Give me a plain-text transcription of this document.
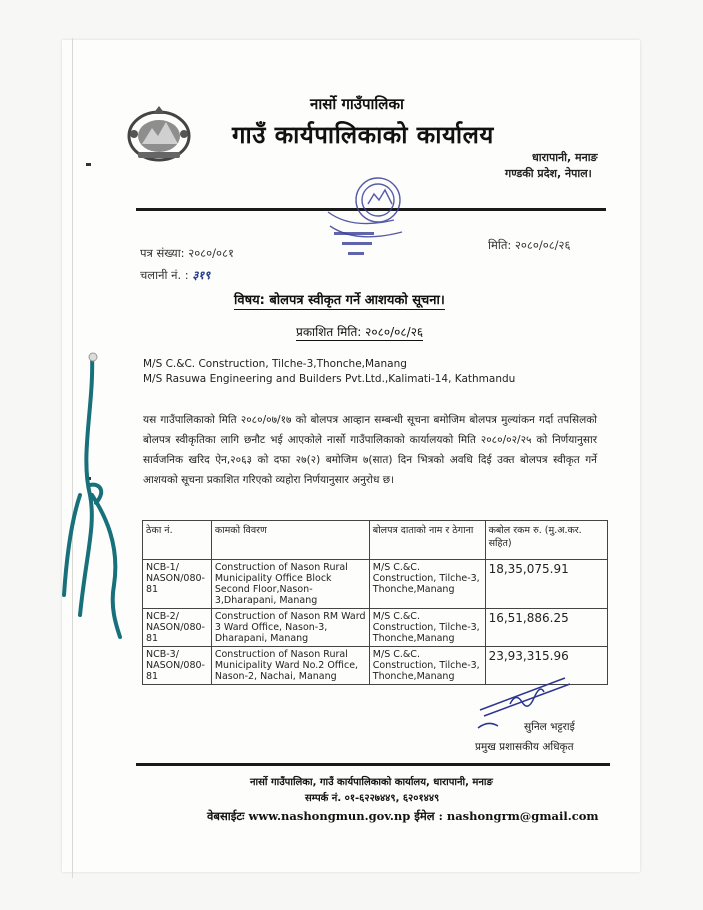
नार्सो गाउँपालिका
गाउँ कार्यपालिकाको कार्यालय
धारापानी, मनाङ
गण्डकी प्रदेश, नेपाल।
पत्र संख्या: २०८०/०८१
चलानी नं. : ३१९
मिति: २०८०/०८/२६
विषय: बोलपत्र स्वीकृत गर्ने आशयको सूचना।
प्रकाशित मिति: २०८०/०८/२६
M/S C.&C. Construction, Tilche-3,Thonche,Manang
M/S Rasuwa Engineering and Builders Pvt.Ltd.,Kalimati-14, Kathmandu
यस गाउँपालिकाको मिति २०८०/०७/१७ को बोलपत्र आव्हान सम्बन्धी सूचना बमोजिम बोलपत्र मुल्यांकन गर्दा तपसिलको बोलपत्र स्वीकृतिका लागि छनौट भई आएकोले नार्सो गाउँपालिकाको कार्यालयको मिति २०८०/०२/२५ को निर्णयानुसार सार्वजनिक खरिद ऐन,२०६३ को दफा २७(२) बमोजिम ७(सात) दिन भित्रको अवधि दिई उक्त बोलपत्र स्वीकृत गर्ने आशयको सूचना प्रकाशित गरिएको व्यहोरा निर्णयानुसार अनुरोध छ।
ठेका नं.	कामको विवरण	बोलपत्र दाताको नाम र ठेगाना	कबोल रकम रु. (मु.अ.कर. सहित)
NCB-1/ NASON/080-81	Construction of Nason Rural Municipality Office Block Second Floor,Nason-3,Dharapani, Manang	M/S C.&C. Construction, Tilche-3, Thonche,Manang	18,35,075.91
NCB-2/ NASON/080-81	Construction of Nason RM Ward 3 Ward Office, Nason-3, Dharapani, Manang	M/S C.&C. Construction, Tilche-3, Thonche,Manang	16,51,886.25
NCB-3/ NASON/080-81	Construction of Nason Rural Municipality Ward No.2 Office, Nason-2, Nachai, Manang	M/S C.&C. Construction, Tilche-3, Thonche,Manang	23,93,315.96
सुनिल भट्टराई
प्रमुख प्रशासकीय अधिकृत
नार्सो गाउँपालिका, गाउँ कार्यपालिकाको कार्यालय, धारापानी, मनाङ
सम्पर्क नं. ०१-६२२७४४९, ६२०१४४९
वेबसाईटः www.nashongmun.gov.np ईमेल : nashongrm@gmail.com
